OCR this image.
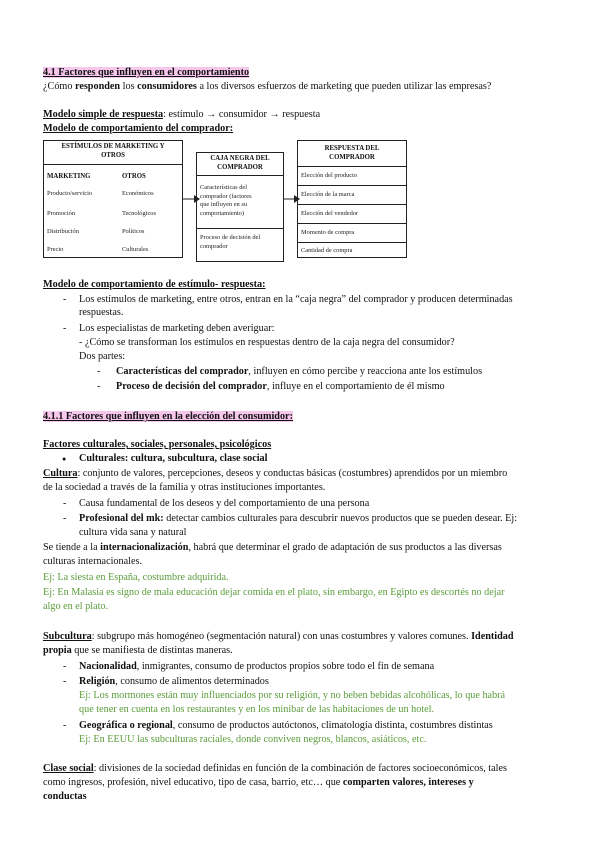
4.1 Factores que influyen en el comportamiento
¿Cómo responden los consumidores a los diversos esfuerzos de marketing que pueden utilizar las empresas?
Modelo simple de respuesta: estímulo → consumidor → respuesta
Modelo de comportamiento del comprador:
ESTÍMULOS DE MARKETING Y
OTROS
MARKETING	OTROS
Producto/servicio	Económicos
Promoción	Tecnológicos
Distribución	Políticos
Precio	Culturales
CAJA NEGRA DEL
COMPRADOR
Características del
comprador (factores
que influyen en su
comportamiento)
Proceso de decisión del
comprador
RESPUESTA DEL
COMPRADOR
Elección del producto
Elección de la marca
Elección del vendedor
Momento de compra
Cantidad de compra
Modelo de comportamiento de estímulo- respuesta:
- Los estímulos de marketing, entre otros, entran en la “caja negra” del comprador y producen determinadas
respuestas.
- Los especialistas de marketing deben averiguar:
- ¿Cómo se transforman los estímulos en respuestas dentro de la caja negra del consumidor?
Dos partes:
- Características del comprador, influyen en cómo percibe y reacciona ante los estímulos
- Proceso de decisión del comprador, influye en el comportamiento de él mismo
4.1.1 Factores que influyen en la elección del consumidor:
Factores culturales, sociales, personales, psicológicos
● Culturales: cultura, subcultura, clase social
Cultura: conjunto de valores, percepciones, deseos y conductas básicas (costumbres) aprendidos por un miembro
de la sociedad a través de la familia y otras instituciones importantes.
- Causa fundamental de los deseos y del comportamiento de una persona
- Profesional del mk: detectar cambios culturales para descubrir nuevos productos que se pueden desear. Ej:
cultura vida sana y natural
Se tiende a la internacionalización, habrá que determinar el grado de adaptación de sus productos a las diversas
culturas internacionales.
Ej: La siesta en España, costumbre adquirida.
Ej: En Malasia es signo de mala educación dejar comida en el plato, sin embargo, en Egipto es descortés no dejar
algo en el plato.
Subcultura: subgrupo más homogéneo (segmentación natural) con unas costumbres y valores comunes. Identidad
propia que se manifiesta de distintas maneras.
- Nacionalidad, inmigrantes, consumo de productos propios sobre todo el fin de semana
- Religión, consumo de alimentos determinados
Ej: Los mormones están muy influenciados por su religión, y no beben bebidas alcohólicas, lo que habrá
que tener en cuenta en los restaurantes y en los minibar de las habitaciones de un hotel.
- Geográfica o regional, consumo de productos autóctonos, climatología distinta, costumbres distintas
Ej: En EEUU las subculturas raciales, donde conviven negros, blancos, asiáticos, etc.
Clase social: divisiones de la sociedad definidas en función de la combinación de factores socioeconómicos, tales
como ingresos, profesión, nivel educativo, tipo de casa, barrio, etc… que comparten valores, intereses y
conductas
